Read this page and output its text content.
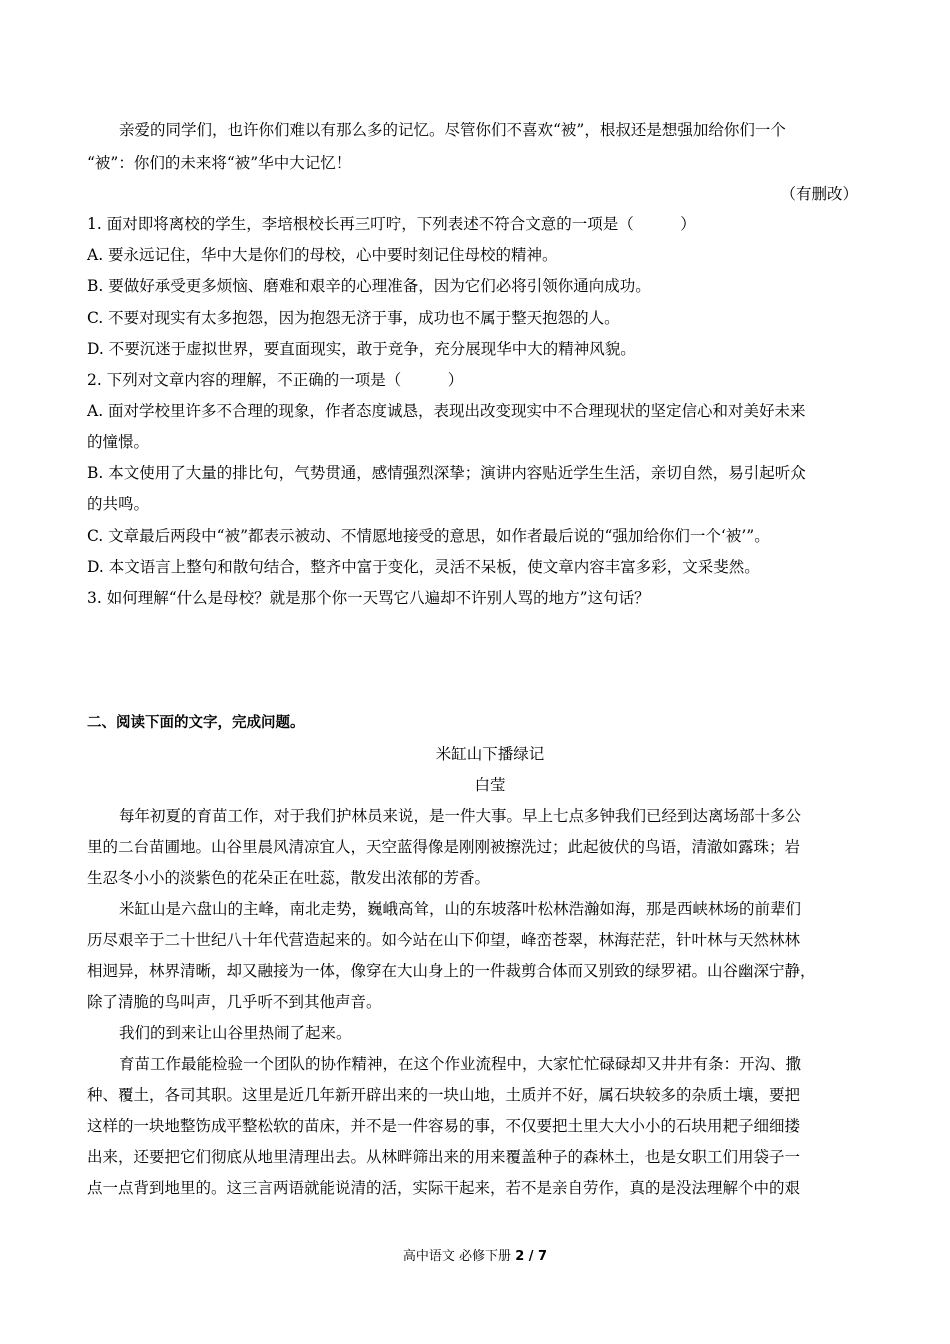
亲爱的同学们，也许你们难以有那么多的记忆。尽管你们不喜欢“被”，根叔还是想强加给你们一个
“被”：你们的未来将“被”华中大记忆！
（有删改）
1. 面对即将离校的学生，李培根校长再三叮咛，下列表述不符合文意的一项是（　　　）
A. 要永远记住，华中大是你们的母校，心中要时刻记住母校的精神。
B. 要做好承受更多烦恼、磨难和艰辛的心理准备，因为它们必将引领你通向成功。
C. 不要对现实有太多抱怨，因为抱怨无济于事，成功也不属于整天抱怨的人。
D. 不要沉迷于虚拟世界，要直面现实，敢于竞争，充分展现华中大的精神风貌。
2. 下列对文章内容的理解，不正确的一项是（　　　）
A. 面对学校里许多不合理的现象，作者态度诚恳，表现出改变现实中不合理现状的坚定信心和对美好未来
的憧憬。
B. 本文使用了大量的排比句，气势贯通，感情强烈深挚；演讲内容贴近学生生活，亲切自然，易引起听众
的共鸣。
C. 文章最后两段中“被”都表示被动、不情愿地接受的意思，如作者最后说的“强加给你们一个‘被’”。
D. 本文语言上整句和散句结合，整齐中富于变化，灵活不呆板，使文章内容丰富多彩，文采斐然。
3. 如何理解“什么是母校？就是那个你一天骂它八遍却不许别人骂的地方”这句话？
二、阅读下面的文字，完成问题。
米缸山下播绿记
白莹
每年初夏的育苗工作，对于我们护林员来说，是一件大事。早上七点多钟我们已经到达离场部十多公
里的二台苗圃地。山谷里晨风清凉宜人，天空蓝得像是刚刚被擦洗过；此起彼伏的鸟语，清澈如露珠；岩
生忍冬小小的淡紫色的花朵正在吐蕊，散发出浓郁的芳香。
米缸山是六盘山的主峰，南北走势，巍峨高耸，山的东坡落叶松林浩瀚如海，那是西峡林场的前辈们
历尽艰辛于二十世纪八十年代营造起来的。如今站在山下仰望，峰峦苍翠，林海茫茫，针叶林与天然林林
相迥异，林界清晰，却又融接为一体，像穿在大山身上的一件裁剪合体而又别致的绿罗裙。山谷幽深宁静，
除了清脆的鸟叫声，几乎听不到其他声音。
我们的到来让山谷里热闹了起来。
育苗工作最能检验一个团队的协作精神，在这个作业流程中，大家忙忙碌碌却又井井有条：开沟、撒
种、覆土，各司其职。这里是近几年新开辟出来的一块山地，土质并不好，属石块较多的杂质土壤，要把
这样的一块地整饬成平整松软的苗床，并不是一件容易的事，不仅要把土里大大小小的石块用耙子细细搂
出来，还要把它们彻底从地里清理出去。从林畔筛出来的用来覆盖种子的森林土，也是女职工们用袋子一
点一点背到地里的。这三言两语就能说清的活，实际干起来，若不是亲自劳作，真的是没法理解个中的艰
高中语文 必修下册 2 / 7
